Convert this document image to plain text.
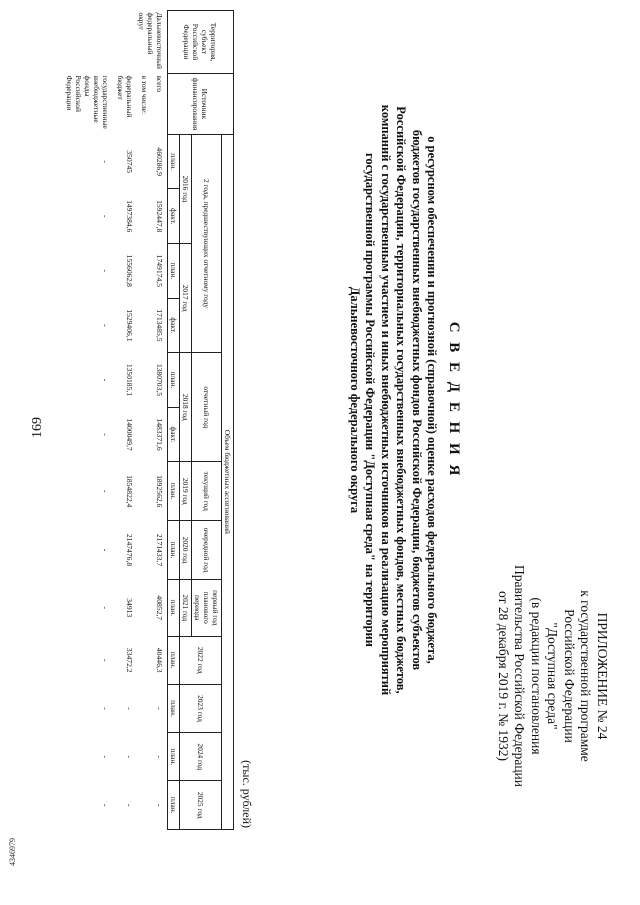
169
4346979
ПРИЛОЖЕНИЕ № 24
к государственной программе
Российской Федерации
"Доступная среда"
(в редакции постановления
Правительства Российской Федерации
от 28 декабря 2019 г. № 1932)
С В Е Д Е Н И Я
о ресурсном обеспечении и прогнозной (справочной) оценке расходов федерального бюджета,
бюджетов государственных внебюджетных фондов Российской Федерации, бюджетов субъектов
Российской Федерации, территориальных государственных внебюджетных фондов, местных бюджетов,
компаний с государственным участием и иных внебюджетных источников на реализацию мероприятий
государственной программы Российской Федерации "Доступная среда" на территории
Дальневосточного федерального округа
(тыс. рублей)
Территория, субъект Российской Федерации	Источник финансирования	Объем бюджетных ассигнований												
		2 года, предшествующих отчетному году				отчетный год		текущий год	очередной год	первый год планового периода	2022 год	2023 год	2024 год	2025 год
		2016 год		2017 год		2018 год		2019 год	2020 год	2021 год				
		план.	факт.	план.	факт.	план.	факт.	план.	план.	план.	план.	план.	план.	план.
Дальневосточный федеральный округ	всего	460286,9	1592447,8	1749174,5	1713485,5	1380703,5	1483371,6	1892562,6	2171433,7	40852,7	40446,3	-	-	-
	в том числе:													
	федеральный бюджет	350745	1497384,6	1556062,8	1529406,1	1350185,1	1400049,7	1854822,4	2147476,8	34913	33472,2	-	-	-
	государственные внебюджетные фонды Российской Федерации	-	-	-	-	-	-	-	-	-	-	-	-	-
